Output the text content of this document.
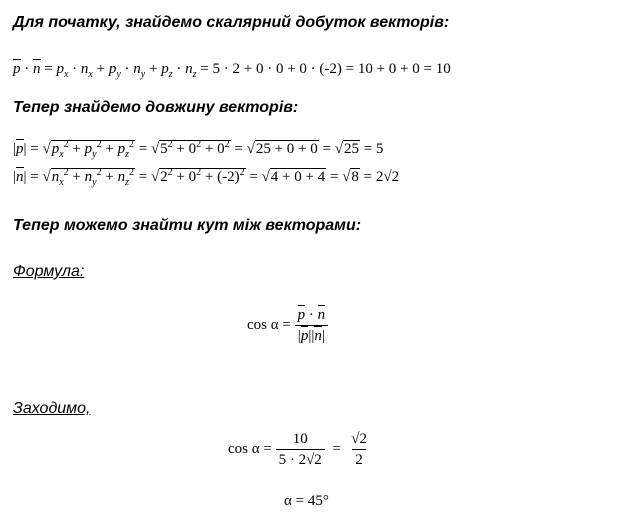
Для початку, знайдемо скалярний добуток векторів:
$p \cdot n = p_x \cdot n_x + p_y \cdot n_y + p_z \cdot n_z = 5 \cdot 2 + 0 \cdot 0 + 0 \cdot (-2) = 10 + 0 + 0 = 10$
Тепер знайдемо довжину векторів:
$|p| = √p_x^2 + p_y^2 + p_z^2 = √5^2 + 0^2 + 0^2 = √25 + 0 + 0 = √25 = 5$
$|n| = √n_x^2 + n_y^2 + n_z^2 = √2^2 + 0^2 + (-2)^2 = √4 + 0 + 4 = √8 = 2√2$
Тепер можемо знайти кут між векторами:
Формула:
$\cos \alpha = \frac{p \cdot n}{|p||n|}$
Заходимо,
$\cos \alpha = \frac{10}{5 \cdot 2√2} = \frac{√2}{2}$
α = 45°
